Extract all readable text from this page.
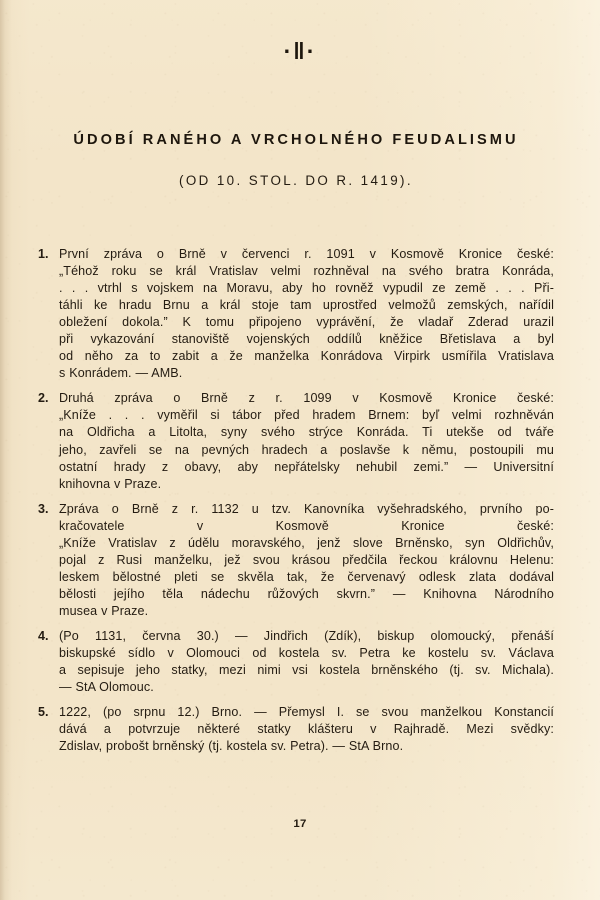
·‖·
ÚDOBÍ RANÉHO A VRCHOLNÉHO FEUDALISMU
(OD 10. STOL. DO R. 1419).
1. První zpráva o Brně v červenci r. 1091 v Kosmově Kronice české:
„Téhož roku se král Vratislav velmi rozhněval na svého bratra Konráda,
. . . vtrhl s vojskem na Moravu, aby ho rovněž vypudil ze země . . . Při-
táhli ke hradu Brnu a král stoje tam uprostřed velmožů zemských, nařídil
obležení dokola.” K tomu připojeno vyprávění, že vladař Zderad urazil
při vykazování stanoviště vojenských oddílů kněžice Břetislava a byl
od něho za to zabit a že manželka Konrádova Virpirk usmířila Vratislava
s Konrádem. — AMB.
2. Druhá zpráva o Brně z r. 1099 v Kosmově Kronice české:
„Kníže . . . vyměřil si tábor před hradem Brnem: byľ velmi rozhněván
na Oldřicha a Litolta, syny svého strýce Konráda. Ti utekše od tváře
jeho, zavřeli se na pevných hradech a poslavše k němu, postoupili mu
ostatní hrady z obavy, aby nepřátelsky nehubil zemi.” — Universitní
knihovna v Praze.
3. Zpráva o Brně z r. 1132 u tzv. Kanovníka vyšehradského, prvního po-
kračovatele v Kosmově Kronice české:
„Kníže Vratislav z údělu moravského, jenž slove Brněnsko, syn Oldřichův,
pojal z Rusi manželku, jež svou krásou předčila řeckou královnu Helenu:
leskem bělostné pleti se skvěla tak, že červenavý odlesk zlata dodával
bělosti jejího těla nádechu růžových skvrn.” — Knihovna Národního
musea v Praze.
4. (Po 1131, června 30.) — Jindřich (Zdík), biskup olomoucký, přenáší
biskupské sídlo v Olomouci od kostela sv. Petra ke kostelu sv. Václava
a sepisuje jeho statky, mezi nimi vsi kostela brněnského (tj. sv. Michala).
— StA Olomouc.
5. 1222, (po srpnu 12.) Brno. — Přemysl I. se svou manželkou Konstancií
dává a potvrzuje některé statky klášteru v Rajhradě. Mezi svědky:
Zdislav, probošt brněnský (tj. kostela sv. Petra). — StA Brno.
17
